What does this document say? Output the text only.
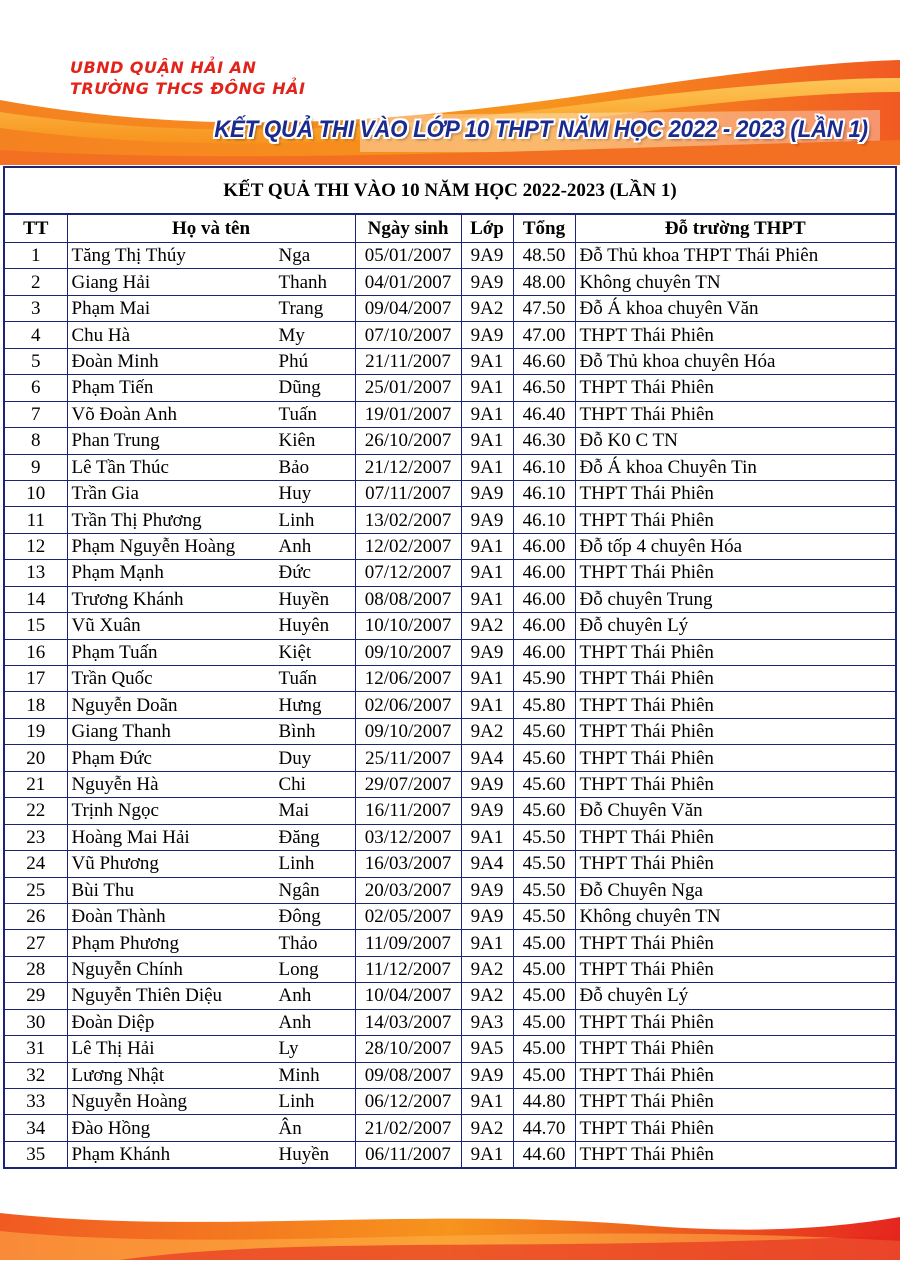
UBND QUẬN HẢI AN

TRƯỜNG THCS ĐÔNG HẢI

KẾT QUẢ THI VÀO LỚP 10 THPT NĂM HỌC 2022 - 2023 (LẦN 1)
KẾT QUẢ THI VÀO 10 NĂM HỌC 2022-2023 (LẦN 1)
TT	Họ và tên	Ngày sinh	Lớp	Tổng	Đỗ trường THPT
1	Tăng Thị Thúy Nga	05/01/2007	9A9	48.50	Đỗ Thủ khoa THPT Thái Phiên
2	Giang Hải Thanh	04/01/2007	9A9	48.00	Không chuyên TN
3	Phạm Mai Trang	09/04/2007	9A2	47.50	Đỗ Á khoa chuyên Văn
4	Chu Hà My	07/10/2007	9A9	47.00	THPT Thái Phiên
5	Đoàn Minh Phú	21/11/2007	9A1	46.60	Đỗ Thủ khoa chuyên Hóa
6	Phạm Tiến Dũng	25/01/2007	9A1	46.50	THPT Thái Phiên
7	Võ Đoàn Anh Tuấn	19/01/2007	9A1	46.40	THPT Thái Phiên
8	Phan Trung Kiên	26/10/2007	9A1	46.30	Đỗ K0 C TN
9	Lê Tần Thúc Bảo	21/12/2007	9A1	46.10	Đỗ Á khoa Chuyên Tin
10	Trần Gia Huy	07/11/2007	9A9	46.10	THPT Thái Phiên
11	Trần Thị Phương Linh	13/02/2007	9A9	46.10	THPT Thái Phiên
12	Phạm Nguyễn Hoàng Anh	12/02/2007	9A1	46.00	Đỗ tốp 4 chuyên Hóa
13	Phạm Mạnh Đức	07/12/2007	9A1	46.00	THPT Thái Phiên
14	Trương Khánh Huyền	08/08/2007	9A1	46.00	Đỗ chuyên Trung
15	Vũ Xuân Huyên	10/10/2007	9A2	46.00	Đỗ chuyên Lý
16	Phạm Tuấn Kiệt	09/10/2007	9A9	46.00	THPT Thái Phiên
17	Trần Quốc Tuấn	12/06/2007	9A1	45.90	THPT Thái Phiên
18	Nguyễn Doãn Hưng	02/06/2007	9A1	45.80	THPT Thái Phiên
19	Giang Thanh Bình	09/10/2007	9A2	45.60	THPT Thái Phiên
20	Phạm Đức Duy	25/11/2007	9A4	45.60	THPT Thái Phiên
21	Nguyễn Hà Chi	29/07/2007	9A9	45.60	THPT Thái Phiên
22	Trịnh Ngọc Mai	16/11/2007	9A9	45.60	Đỗ Chuyên Văn
23	Hoàng Mai Hải Đăng	03/12/2007	9A1	45.50	THPT Thái Phiên
24	Vũ Phương Linh	16/03/2007	9A4	45.50	THPT Thái Phiên
25	Bùi Thu Ngân	20/03/2007	9A9	45.50	Đỗ Chuyên Nga
26	Đoàn Thành Đông	02/05/2007	9A9	45.50	Không chuyên TN
27	Phạm Phương Thảo	11/09/2007	9A1	45.00	THPT Thái Phiên
28	Nguyễn Chính Long	11/12/2007	9A2	45.00	THPT Thái Phiên
29	Nguyễn Thiên Diệu Anh	10/04/2007	9A2	45.00	Đỗ chuyên Lý
30	Đoàn Diệp Anh	14/03/2007	9A3	45.00	THPT Thái Phiên
31	Lê Thị Hải Ly	28/10/2007	9A5	45.00	THPT Thái Phiên
32	Lương Nhật Minh	09/08/2007	9A9	45.00	THPT Thái Phiên
33	Nguyễn Hoàng Linh	06/12/2007	9A1	44.80	THPT Thái Phiên
34	Đào Hồng Ân	21/02/2007	9A2	44.70	THPT Thái Phiên
35	Phạm Khánh Huyền	06/11/2007	9A1	44.60	THPT Thái Phiên
